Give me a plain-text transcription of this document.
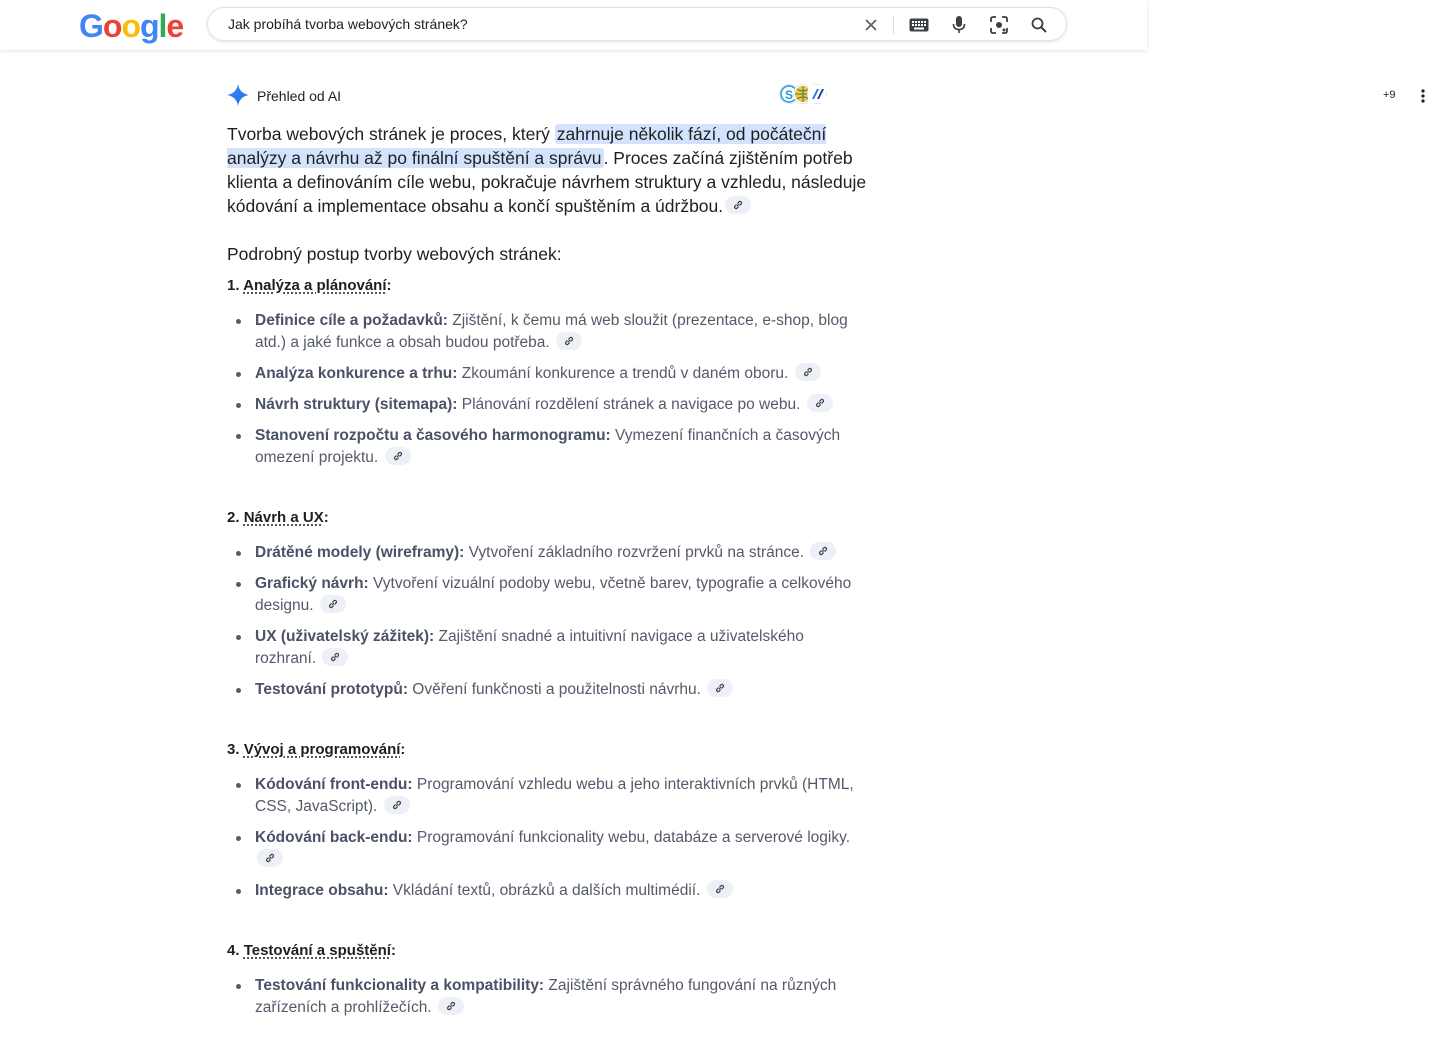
Google
Jak probíhá tvorba webových stránek?
Přehled od AI	S	+9

Tvorba webových stránek je proces, který zahrnuje několik fází, od počáteční analýzy a návrhu až po finální spuštění a správu . Proces začíná zjištěním potřeb klienta a definováním cíle webu, pokračuje návrhem struktury a vzhledu, následuje kódování a implementace obsahu a končí spuštěním a údržbou.

Podrobný postup tvorby webových stránek:
1. Analýza a plánování:
Definice cíle a požadavků: Zjištění, k čemu má web sloužit (prezentace, e-shop, blog atd.) a jaké funkce a obsah budou potřeba.
Analýza konkurence a trhu: Zkoumání konkurence a trendů v daném oboru.
Návrh struktury (sitemapa): Plánování rozdělení stránek a navigace po webu.
Stanovení rozpočtu a časového harmonogramu: Vymezení finančních a časových omezení projektu.
2. Návrh a UX:
Drátěné modely (wireframy): Vytvoření základního rozvržení prvků na stránce.
Grafický návrh: Vytvoření vizuální podoby webu, včetně barev, typografie a celkového designu.
UX (uživatelský zážitek): Zajištění snadné a intuitivní navigace a uživatelského rozhraní.
Testování prototypů: Ověření funkčnosti a použitelnosti návrhu.
3. Vývoj a programování:
Kódování front-endu: Programování vzhledu webu a jeho interaktivních prvků (HTML, CSS, JavaScript).
Kódování back-endu: Programování funkcionality webu, databáze a serverové logiky.
Integrace obsahu: Vkládání textů, obrázků a dalších multimédií.
4. Testování a spuštění:
Testování funkcionality a kompatibility: Zajištění správného fungování na různých zařízeních a prohlížečích.
